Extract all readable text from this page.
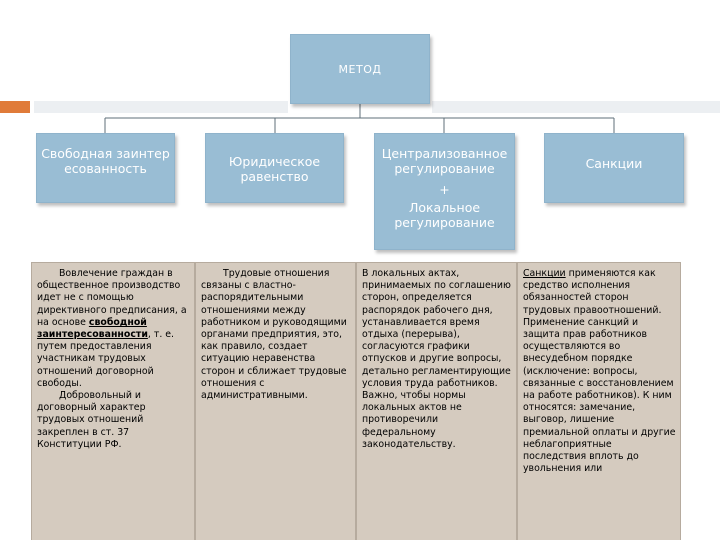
МЕТОД
Свободная заинтересованность	Юридическое равенство
Централизованное регулирование
+
Локальное регулирование
Санкции

Вовлечение граждан в общественное производство идет не с помощью директивного предписания, а на основе свободной заинтересованности, т. е. путем предоставления участникам трудовых отношений договорной свободы.

Добровольный и договорный характер трудовых отношений закреплен в ст. 37 Конституции РФ.

Трудовые отношения связаны с властно-распорядительными отношениями между работником и руководящими органами предприятия, это, как правило, создает ситуацию неравенства сторон и сближает трудовые отношения с административными.

В локальных актах, принимаемых по соглашению сторон, определяется распорядок рабочего дня, устанавливается время отдыха (перерыва), согласуются графики отпусков и другие вопросы, детально регламентирующие условия труда работников. Важно, чтобы нормы локальных актов не противоречили федеральному законодательству.

Санкции применяются как средство исполнения обязанностей сторон трудовых правоотношений. Применение санкций и защита прав работников осуществляются во внесудебном порядке (исключение: вопросы, связанные с восстановлением на работе работников). К ним относятся: замечание, выговор, лишение премиальной оплаты и другие неблагоприятные последствия вплоть до увольнения или
